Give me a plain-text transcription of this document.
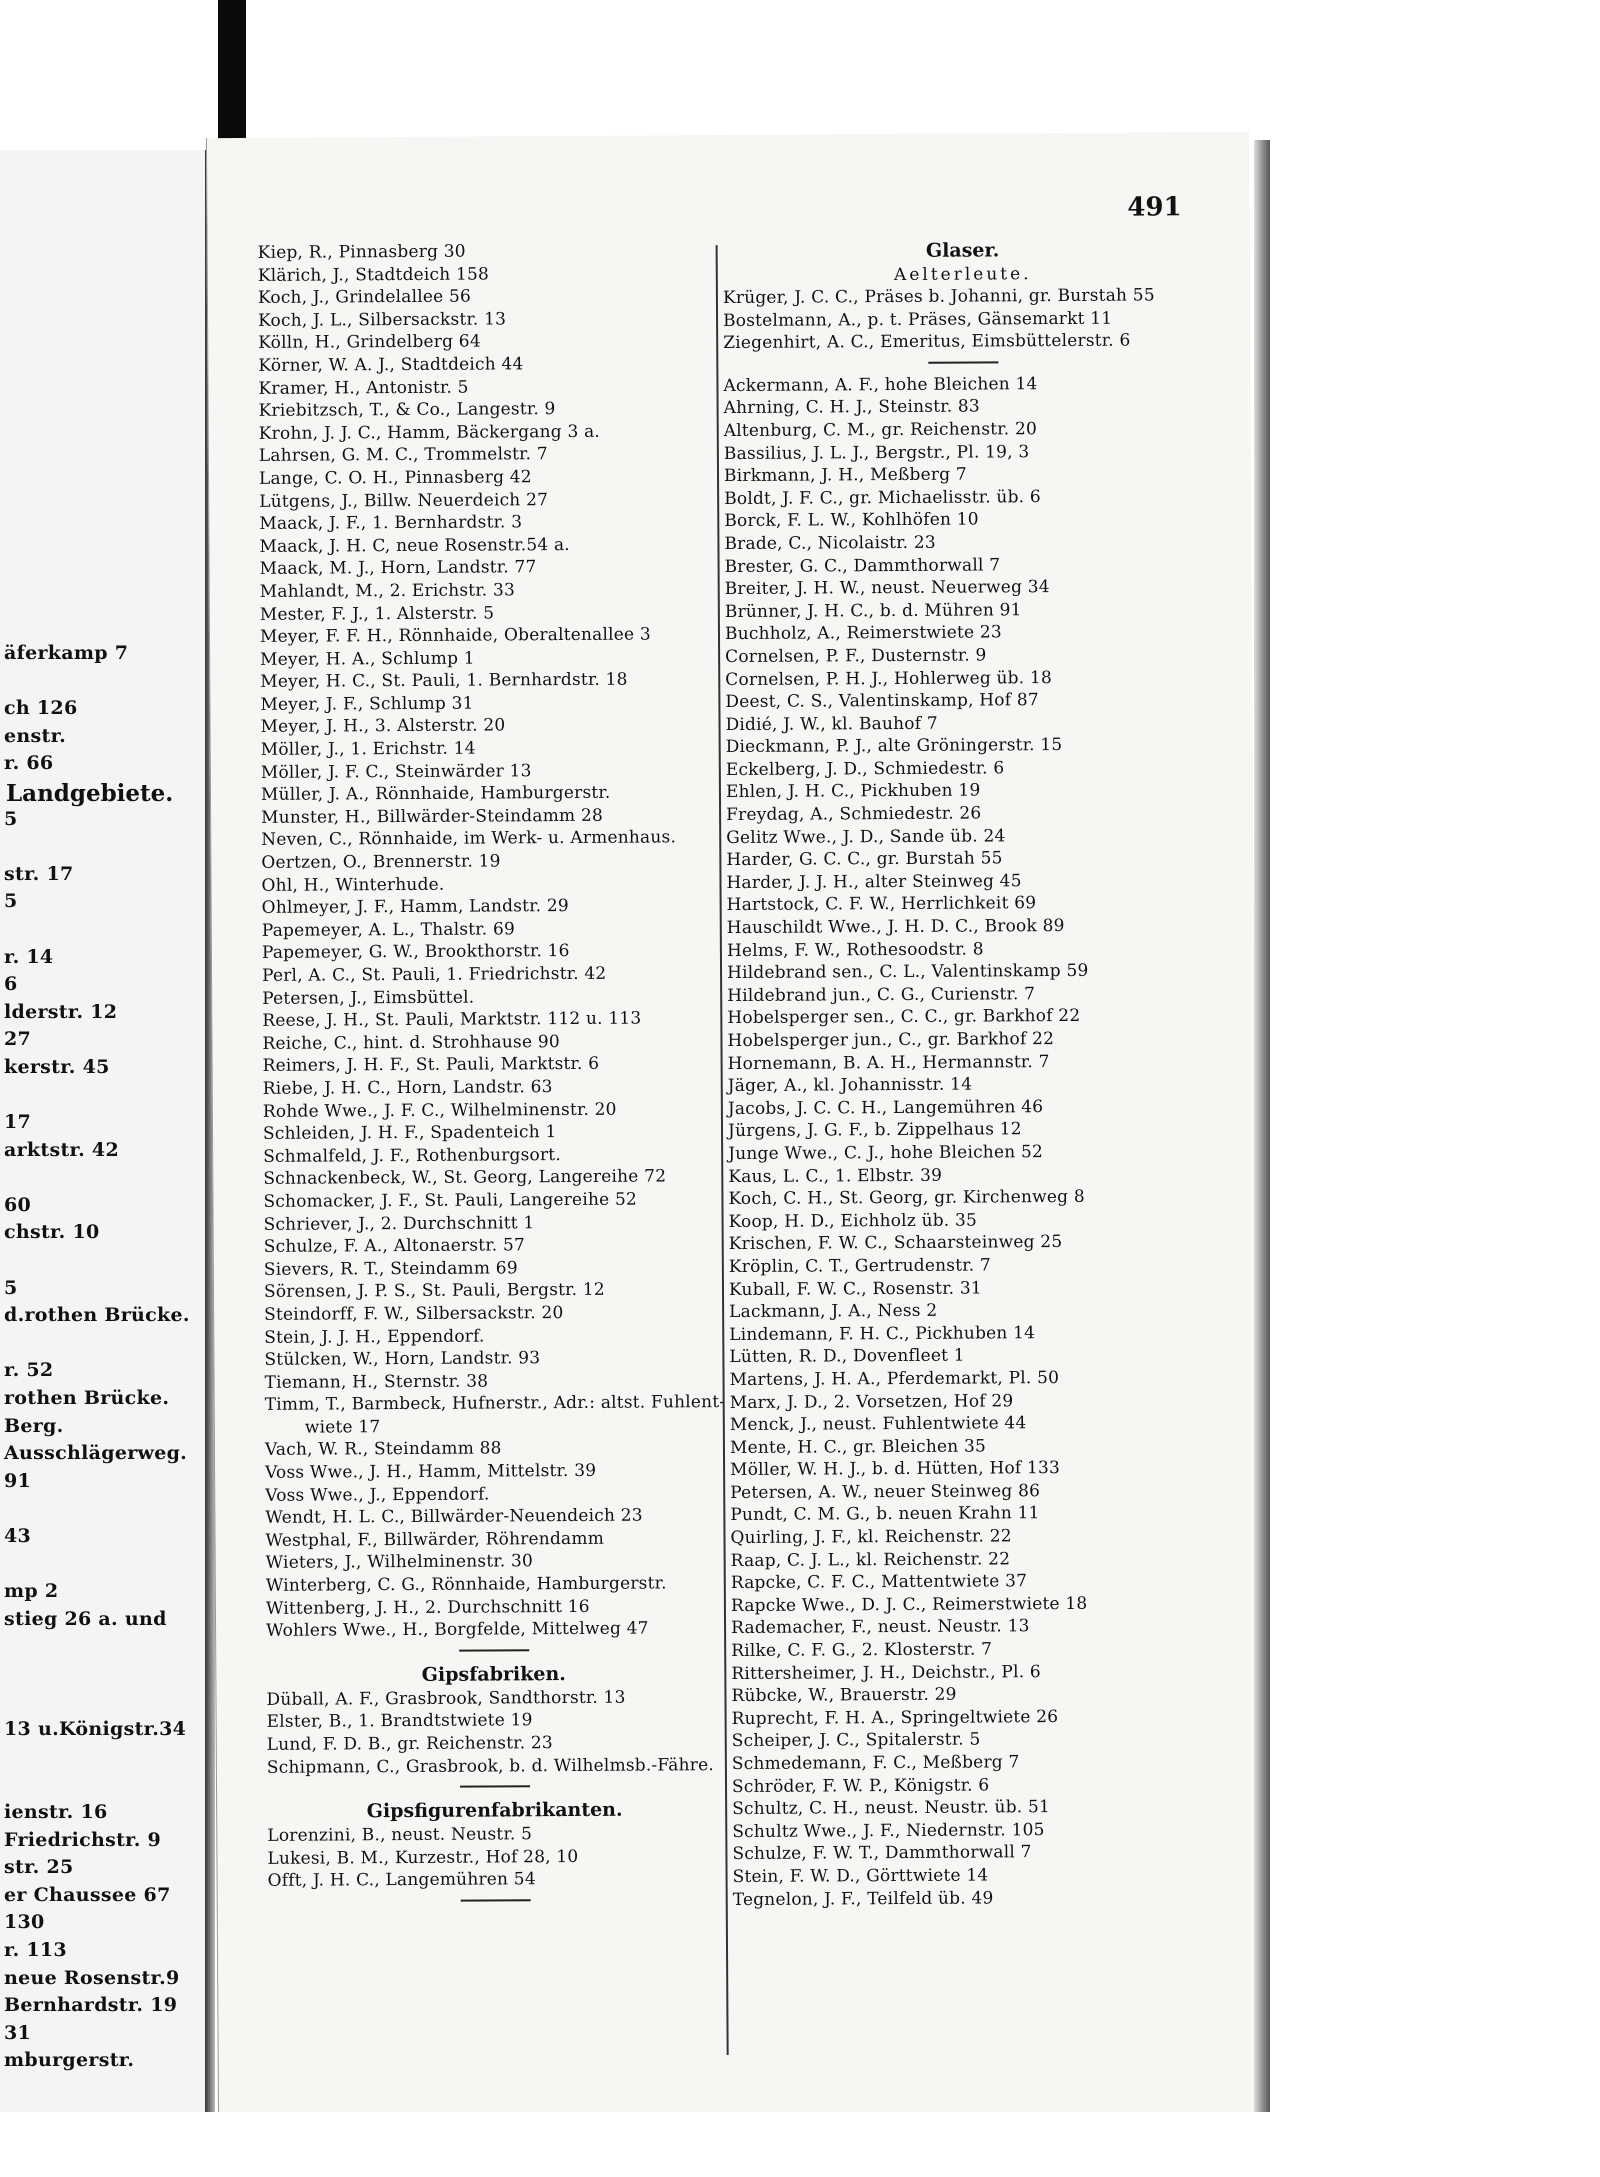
Landgebiete.
äferkamp 7
ch 126
enstr.
r. 66
5
str. 17
5
r. 14
6
lderstr. 12
27
kerstr. 45
17
arktstr. 42
60
chstr. 10
5
d.rothen Brücke.
r. 52
rothen Brücke.
Berg.
Ausschlägerweg.
91
43
mp 2
stieg 26 a. und
13 u.Königstr.34
ienstr. 16
Friedrichstr. 9
str. 25
er Chaussee 67
130
r. 113
neue Rosenstr.9
Bernhardstr. 19
31
mburgerstr.
491
Kiep, R., Pinnasberg 30
Klärich, J., Stadtdeich 158
Koch, J., Grindelallee 56
Koch, J. L., Silbersackstr. 13
Kölln, H., Grindelberg 64
Körner, W. A. J., Stadtdeich 44
Kramer, H., Antonistr. 5
Kriebitzsch, T., & Co., Langestr. 9
Krohn, J. J. C., Hamm, Bäckergang 3 a.
Lahrsen, G. M. C., Trommelstr. 7
Lange, C. O. H., Pinnasberg 42
Lütgens, J., Billw. Neuerdeich 27
Maack, J. F., 1. Bernhardstr. 3
Maack, J. H. C, neue Rosenstr.54 a.
Maack, M. J., Horn, Landstr. 77
Mahlandt, M., 2. Erichstr. 33
Mester, F. J., 1. Alsterstr. 5
Meyer, F. F. H., Rönnhaide, Oberaltenallee 3
Meyer, H. A., Schlump 1
Meyer, H. C., St. Pauli, 1. Bernhardstr. 18
Meyer, J. F., Schlump 31
Meyer, J. H., 3. Alsterstr. 20
Möller, J., 1. Erichstr. 14
Möller, J. F. C., Steinwärder 13
Müller, J. A., Rönnhaide, Hamburgerstr.
Munster, H., Billwärder-Steindamm 28
Neven, C., Rönnhaide, im Werk- u. Armenhaus.
Oertzen, O., Brennerstr. 19
Ohl, H., Winterhude.
Ohlmeyer, J. F., Hamm, Landstr. 29
Papemeyer, A. L., Thalstr. 69
Papemeyer, G. W., Brookthorstr. 16
Perl, A. C., St. Pauli, 1. Friedrichstr. 42
Petersen, J., Eimsbüttel.
Reese, J. H., St. Pauli, Marktstr. 112 u. 113
Reiche, C., hint. d. Strohhause 90
Reimers, J. H. F., St. Pauli, Marktstr. 6
Riebe, J. H. C., Horn, Landstr. 63
Rohde Wwe., J. F. C., Wilhelminenstr. 20
Schleiden, J. H. F., Spadenteich 1
Schmalfeld, J. F., Rothenburgsort.
Schnackenbeck, W., St. Georg, Langereihe 72
Schomacker, J. F., St. Pauli, Langereihe 52
Schriever, J., 2. Durchschnitt 1
Schulze, F. A., Altonaerstr. 57
Sievers, R. T., Steindamm 69
Sörensen, J. P. S., St. Pauli, Bergstr. 12
Steindorff, F. W., Silbersackstr. 20
Stein, J. J. H., Eppendorf.
Stülcken, W., Horn, Landstr. 93
Tiemann, H., Sternstr. 38
Timm, T., Barmbeck, Hufnerstr., Adr.: altst. Fuhlent-
wiete 17
Vach, W. R., Steindamm 88
Voss Wwe., J. H., Hamm, Mittelstr. 39
Voss Wwe., J., Eppendorf.
Wendt, H. L. C., Billwärder-Neuendeich 23
Westphal, F., Billwärder, Röhrendamm
Wieters, J., Wilhelminenstr. 30
Winterberg, C. G., Rönnhaide, Hamburgerstr.
Wittenberg, J. H., 2. Durchschnitt 16
Wohlers Wwe., H., Borgfelde, Mittelweg 47
Gipsfabriken.
Düball, A. F., Grasbrook, Sandthorstr. 13
Elster, B., 1. Brandtstwiete 19
Lund, F. D. B., gr. Reichenstr. 23
Schipmann, C., Grasbrook, b. d. Wilhelmsb.-Fähre.
Gipsfigurenfabrikanten.
Lorenzini, B., neust. Neustr. 5
Lukesi, B. M., Kurzestr., Hof 28, 10
Offt, J. H. C., Langemühren 54
Glaser.
Aelterleute.
Krüger, J. C. C., Präses b. Johanni, gr. Burstah 55
Bostelmann, A., p. t. Präses, Gänsemarkt 11
Ziegenhirt, A. C., Emeritus, Eimsbüttelerstr. 6
Ackermann, A. F., hohe Bleichen 14
Ahrning, C. H. J., Steinstr. 83
Altenburg, C. M., gr. Reichenstr. 20
Bassilius, J. L. J., Bergstr., Pl. 19, 3
Birkmann, J. H., Meßberg 7
Boldt, J. F. C., gr. Michaelisstr. üb. 6
Borck, F. L. W., Kohlhöfen 10
Brade, C., Nicolaistr. 23
Brester, G. C., Dammthorwall 7
Breiter, J. H. W., neust. Neuerweg 34
Brünner, J. H. C., b. d. Mühren 91
Buchholz, A., Reimerstwiete 23
Cornelsen, P. F., Dusternstr. 9
Cornelsen, P. H. J., Hohlerweg üb. 18
Deest, C. S., Valentinskamp, Hof 87
Didié, J. W., kl. Bauhof 7
Dieckmann, P. J., alte Gröningerstr. 15
Eckelberg, J. D., Schmiedestr. 6
Ehlen, J. H. C., Pickhuben 19
Freydag, A., Schmiedestr. 26
Gelitz Wwe., J. D., Sande üb. 24
Harder, G. C. C., gr. Burstah 55
Harder, J. J. H., alter Steinweg 45
Hartstock, C. F. W., Herrlichkeit 69
Hauschildt Wwe., J. H. D. C., Brook 89
Helms, F. W., Rothesoodstr. 8
Hildebrand sen., C. L., Valentinskamp 59
Hildebrand jun., C. G., Curienstr. 7
Hobelsperger sen., C. C., gr. Barkhof 22
Hobelsperger jun., C., gr. Barkhof 22
Hornemann, B. A. H., Hermannstr. 7
Jäger, A., kl. Johannisstr. 14
Jacobs, J. C. C. H., Langemühren 46
Jürgens, J. G. F., b. Zippelhaus 12
Junge Wwe., C. J., hohe Bleichen 52
Kaus, L. C., 1. Elbstr. 39
Koch, C. H., St. Georg, gr. Kirchenweg 8
Koop, H. D., Eichholz üb. 35
Krischen, F. W. C., Schaarsteinweg 25
Kröplin, C. T., Gertrudenstr. 7
Kuball, F. W. C., Rosenstr. 31
Lackmann, J. A., Ness 2
Lindemann, F. H. C., Pickhuben 14
Lütten, R. D., Dovenfleet 1
Martens, J. H. A., Pferdemarkt, Pl. 50
Marx, J. D., 2. Vorsetzen, Hof 29
Menck, J., neust. Fuhlentwiete 44
Mente, H. C., gr. Bleichen 35
Möller, W. H. J., b. d. Hütten, Hof 133
Petersen, A. W., neuer Steinweg 86
Pundt, C. M. G., b. neuen Krahn 11
Quirling, J. F., kl. Reichenstr. 22
Raap, C. J. L., kl. Reichenstr. 22
Rapcke, C. F. C., Mattentwiete 37
Rapcke Wwe., D. J. C., Reimerstwiete 18
Rademacher, F., neust. Neustr. 13
Rilke, C. F. G., 2. Klosterstr. 7
Rittersheimer, J. H., Deichstr., Pl. 6
Rübcke, W., Brauerstr. 29
Ruprecht, F. H. A., Springeltwiete 26
Scheiper, J. C., Spitalerstr. 5
Schmedemann, F. C., Meßberg 7
Schröder, F. W. P., Königstr. 6
Schultz, C. H., neust. Neustr. üb. 51
Schultz Wwe., J. F., Niedernstr. 105
Schulze, F. W. T., Dammthorwall 7
Stein, F. W. D., Görttwiete 14
Tegnelon, J. F., Teilfeld üb. 49
